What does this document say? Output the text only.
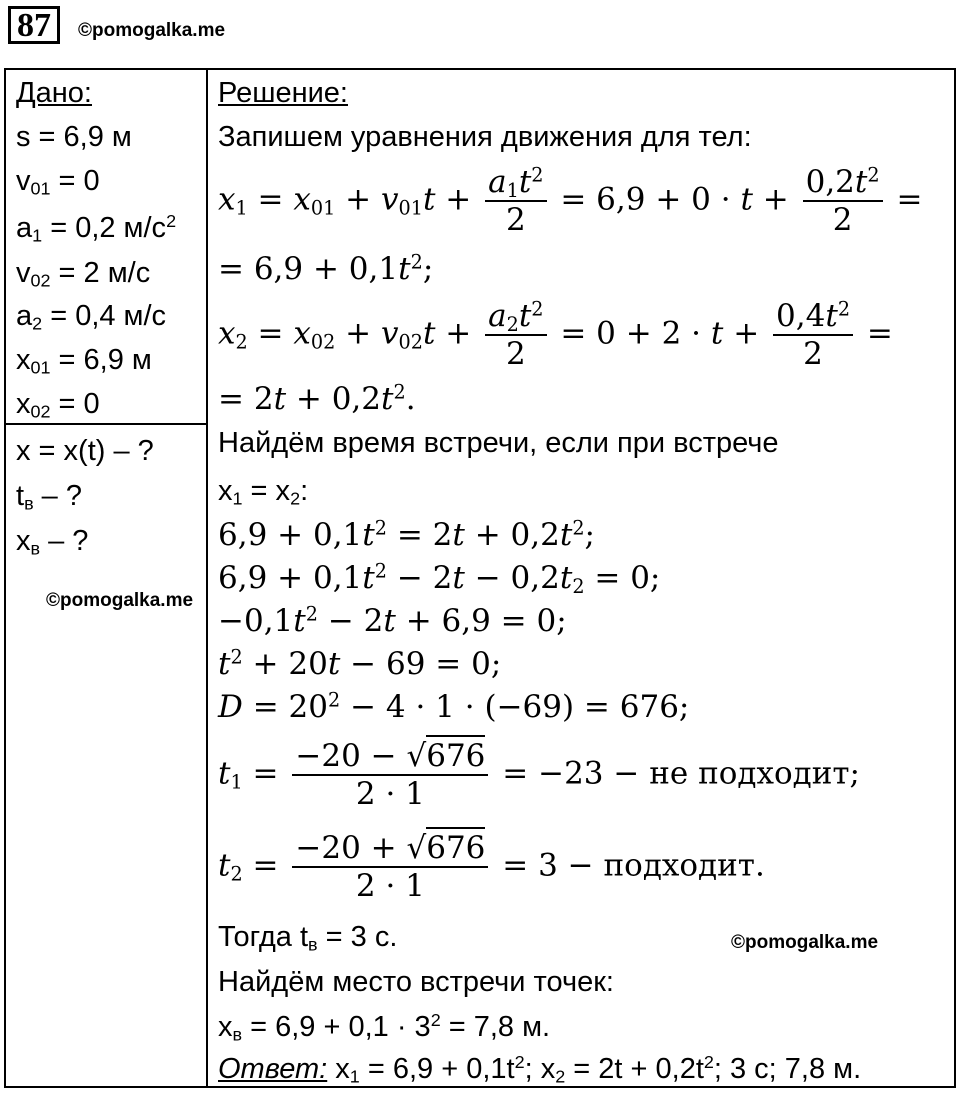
87	©pomogalka.me
Дано:
s = 6,9 м
$v_{01} = 0$
$a_1 = 0,2$ $м/с^2$
$v_{02} = 2$ м/с
$a_2 = 0,4$ м/с
$x_{01} = 6,9$ м
$x_{02} = 0$
x = x(t) – ?
$t_в$ – ?
$x_в$ – ?
©pomogalka.me
Решение:
Запишем уравнения движения для тел:
$x_1 = x_{01} + v_{01}t + \frac{a_1t^2}{2} = 6,9 + 0 \cdot t + \frac{0,2t^2}{2}$ =
= $6,9 + 0,1t^2$;
$x_2 = x_{02} + v_{02}t + \frac{a_2t^2}{2} = 0 + 2 \cdot t + \frac{0,4t^2}{2}$ =
= $2t + 0,2t^2$.
Найдём время встречи, если при встрече
$x_1 = x_2$:
$6,9 + 0,1t^2 = 2t + 0,2t^2$;
$6,9 + 0,1t^2 - 2t - 0,2t_2 = 0$;
$-0,1t^2 - 2t + 6,9 = 0$;
$t^2 + 20t - 69 = 0$;
$D = 20^2 - 4 \cdot 1 \cdot (-69) = 676$;
$t_1 = \frac{-20 - √676}{2 \cdot 1} = -23$ − не подходит;
$t_2 = \frac{-20 + √676}{2 \cdot 1} = 3$ − подходит.
Тогда $t_в = 3$ с.	©pomogalka.me
Найдём место встречи точек:
$x_в = 6,9 + 0,1 \cdot 3^2 = 7,8$ м.
Ответ: $x_1 = 6,9 + 0,1t^2$; $x_2 = 2t + 0,2t^2$; 3 с; 7,8 м.
